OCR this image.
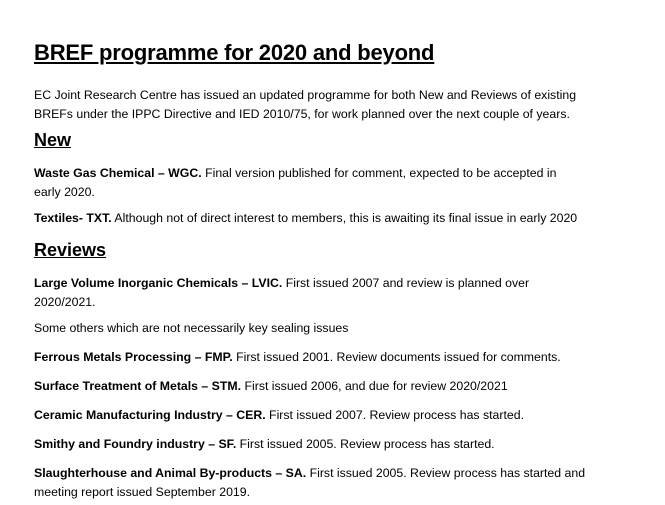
BREF programme for 2020 and beyond

EC Joint Research Centre has issued an updated programme for both New and Reviews of existing
BREFs under the IPPC Directive and IED 2010/75, for work planned over the next couple of years.

New

Waste Gas Chemical – WGC. Final version published for comment, expected to be accepted in
early 2020.

Textiles- TXT. Although not of direct interest to members, this is awaiting its final issue in early 2020

Reviews

Large Volume Inorganic Chemicals – LVIC. First issued 2007 and review is planned over
2020/2021.

Some others which are not necessarily key sealing issues

Ferrous Metals Processing – FMP. First issued 2001. Review documents issued for comments.

Surface Treatment of Metals – STM. First issued 2006, and due for review 2020/2021

Ceramic Manufacturing Industry – CER. First issued 2007. Review process has started.

Smithy and Foundry industry – SF. First issued 2005. Review process has started.

Slaughterhouse and Animal By-products – SA. First issued 2005. Review process has started and
meeting report issued September 2019.
